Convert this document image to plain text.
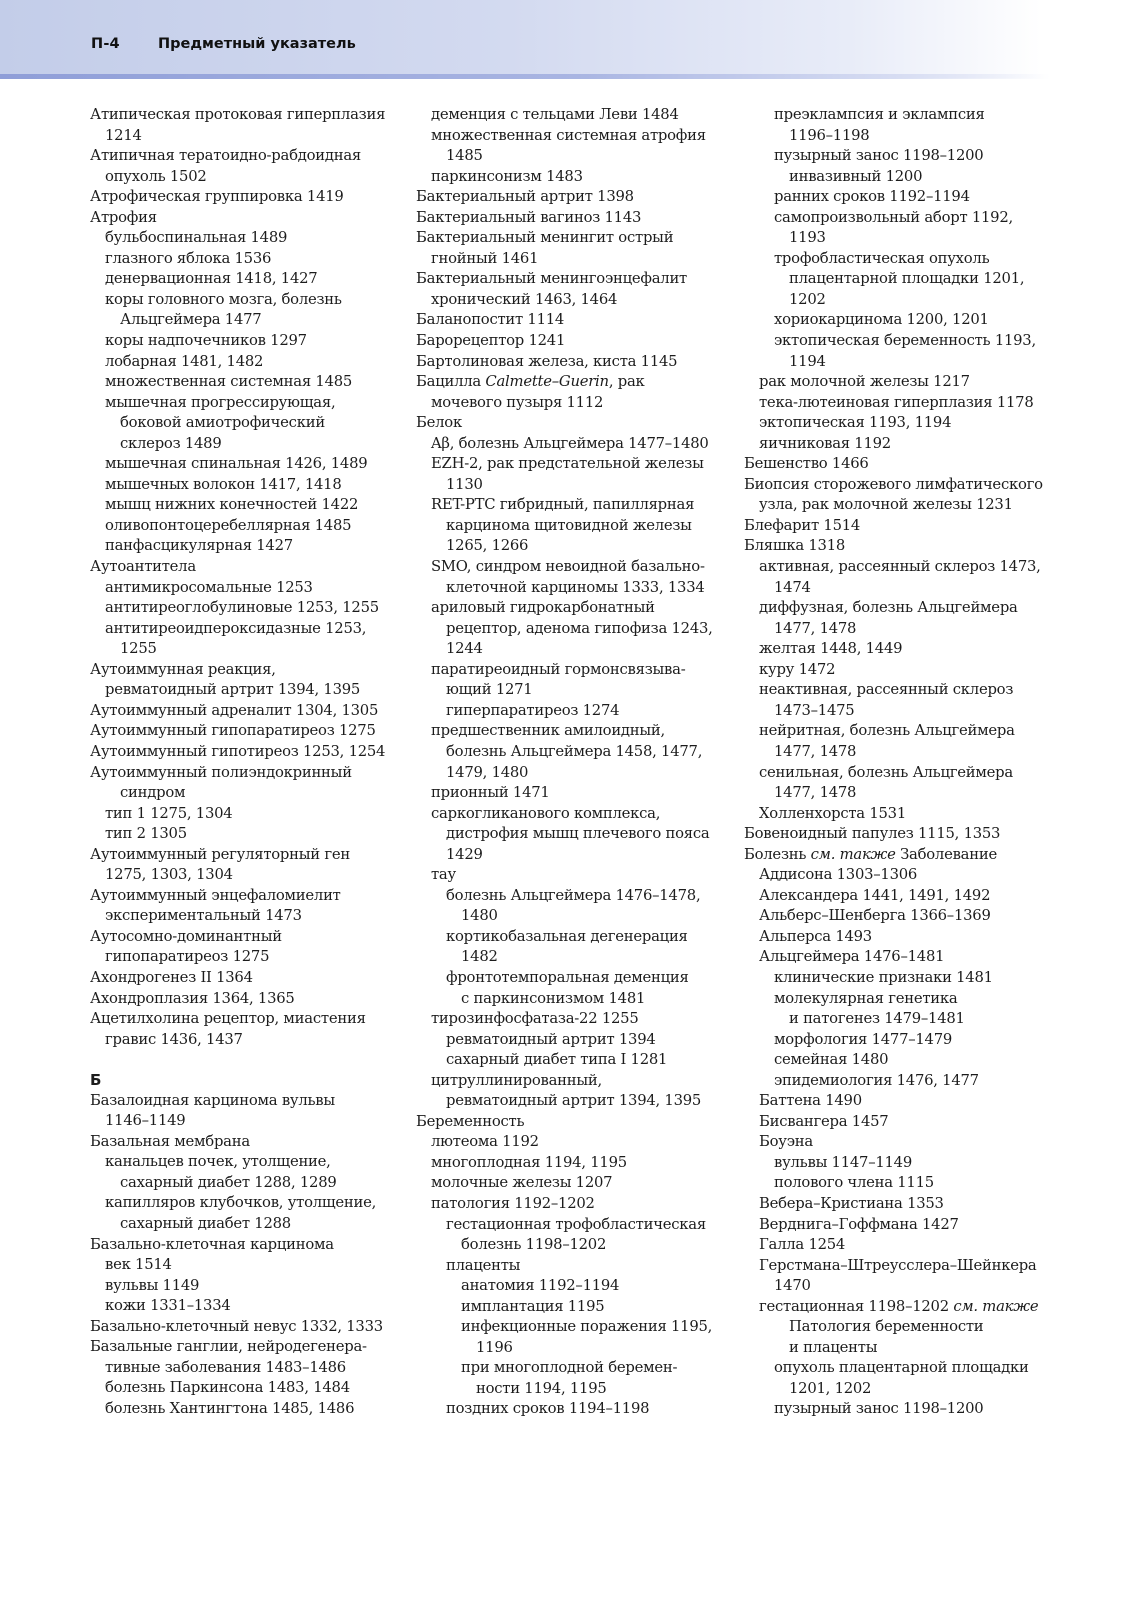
П-4	Предметный указатель
Атипическая протоковая гиперплазия
1214
Атипичная тератоидно-рабдоидная
опухоль 1502
Атрофическая группировка 1419
Атрофия
бульбоспинальная 1489
глазного яблока 1536
денервационная 1418, 1427
коры головного мозга, болезнь
Альцгеймера 1477
коры надпочечников 1297
лобарная 1481, 1482
множественная системная 1485
мышечная прогрессирующая,
боковой амиотрофический
склероз 1489
мышечная спинальная 1426, 1489
мышечных волокон 1417, 1418
мышц нижних конечностей 1422
оливопонтоцеребеллярная 1485
панфасцикулярная 1427
Аутоантитела
антимикросомальные 1253
антитиреоглобулиновые 1253, 1255
антитиреоидпероксидазные 1253,
1255
Аутоиммунная реакция,
ревматоидный артрит 1394, 1395
Аутоиммунный адреналит 1304, 1305
Аутоиммунный гипопаратиреоз 1275
Аутоиммунный гипотиреоз 1253, 1254
Аутоиммунный полиэндокринный
синдром
тип 1 1275, 1304
тип 2 1305
Аутоиммунный регуляторный ген
1275, 1303, 1304
Аутоиммунный энцефаломиелит
экспериментальный 1473
Аутосомно-доминантный
гипопаратиреоз 1275
Ахондрогенез II 1364
Ахондроплазия 1364, 1365
Ацетилхолина рецептор, миастения
гравис 1436, 1437
Б
Базалоидная карцинома вульвы
1146–1149
Базальная мембрана
канальцев почек, утолщение,
сахарный диабет 1288, 1289
капилляров клубочков, утолщение,
сахарный диабет 1288
Базально-клеточная карцинома
век 1514
вульвы 1149
кожи 1331–1334
Базально-клеточный невус 1332, 1333
Базальные ганглии, нейродегенера-
тивные заболевания 1483–1486
болезнь Паркинсона 1483, 1484
болезнь Хантингтона 1485, 1486
деменция с тельцами Леви 1484
множественная системная атрофия
1485
паркинсонизм 1483
Бактериальный артрит 1398
Бактериальный вагиноз 1143
Бактериальный менингит острый
гнойный 1461
Бактериальный менингоэнцефалит
хронический 1463, 1464
Баланопостит 1114
Барорецептор 1241
Бартолиновая железа, киста 1145
Бацилла Calmette–Guerin, рак
мочевого пузыря 1112
Белок
Aβ, болезнь Альцгеймера 1477–1480
EZH-2, рак предстательной железы
1130
RET-PTC гибридный, папиллярная
карцинома щитовидной железы
1265, 1266
SMO, синдром невоидной базально-
клеточной карциномы 1333, 1334
ариловый гидрокарбонатный
рецептор, аденома гипофиза 1243,
1244
паратиреоидный гормонсвязыва-
ющий 1271
гиперпаратиреоз 1274
предшественник амилоидный,
болезнь Альцгеймера 1458, 1477,
1479, 1480
прионный 1471
саркогликанового комплекса,
дистрофия мышц плечевого пояса
1429
тау
болезнь Альцгеймера 1476–1478,
1480
кортикобазальная дегенерация
1482
фронтотемпоральная деменция
с паркинсонизмом 1481
тирозинфосфатаза-22 1255
ревматоидный артрит 1394
сахарный диабет типа I 1281
цитруллинированный,
ревматоидный артрит 1394, 1395
Беременность
лютеома 1192
многоплодная 1194, 1195
молочные железы 1207
патология 1192–1202
гестационная трофобластическая
болезнь 1198–1202
плаценты
анатомия 1192–1194
имплантация 1195
инфекционные поражения 1195,
1196
при многоплодной беремен-
ности 1194, 1195
поздних сроков 1194–1198
преэклампсия и эклампсия
1196–1198
пузырный занос 1198–1200
инвазивный 1200
ранних сроков 1192–1194
самопроизвольный аборт 1192,
1193
трофобластическая опухоль
плацентарной площадки 1201,
1202
хориокарцинома 1200, 1201
эктопическая беременность 1193,
1194
рак молочной железы 1217
тека-лютеиновая гиперплазия 1178
эктопическая 1193, 1194
яичниковая 1192
Бешенство 1466
Биопсия сторожевого лимфатического
узла, рак молочной железы 1231
Блефарит 1514
Бляшка 1318
активная, рассеянный склероз 1473,
1474
диффузная, болезнь Альцгеймера
1477, 1478
желтая 1448, 1449
куру 1472
неактивная, рассеянный склероз
1473–1475
нейритная, болезнь Альцгеймера
1477, 1478
сенильная, болезнь Альцгеймера
1477, 1478
Холленхорста 1531
Бовеноидный папулез 1115, 1353
Болезнь см. также Заболевание
Аддисона 1303–1306
Александера 1441, 1491, 1492
Альберс–Шенберга 1366–1369
Альперса 1493
Альцгеймера 1476–1481
клинические признаки 1481
молекулярная генетика
и патогенез 1479–1481
морфология 1477–1479
семейная 1480
эпидемиология 1476, 1477
Баттена 1490
Бисвангера 1457
Боуэна
вульвы 1147–1149
полового члена 1115
Вебера–Кристиана 1353
Верднига–Гоффмана 1427
Галла 1254
Герстмана–Штреусслера–Шейнкера
1470
гестационная 1198–1202 см. также
Патология беременности
и плаценты
опухоль плацентарной площадки
1201, 1202
пузырный занос 1198–1200
